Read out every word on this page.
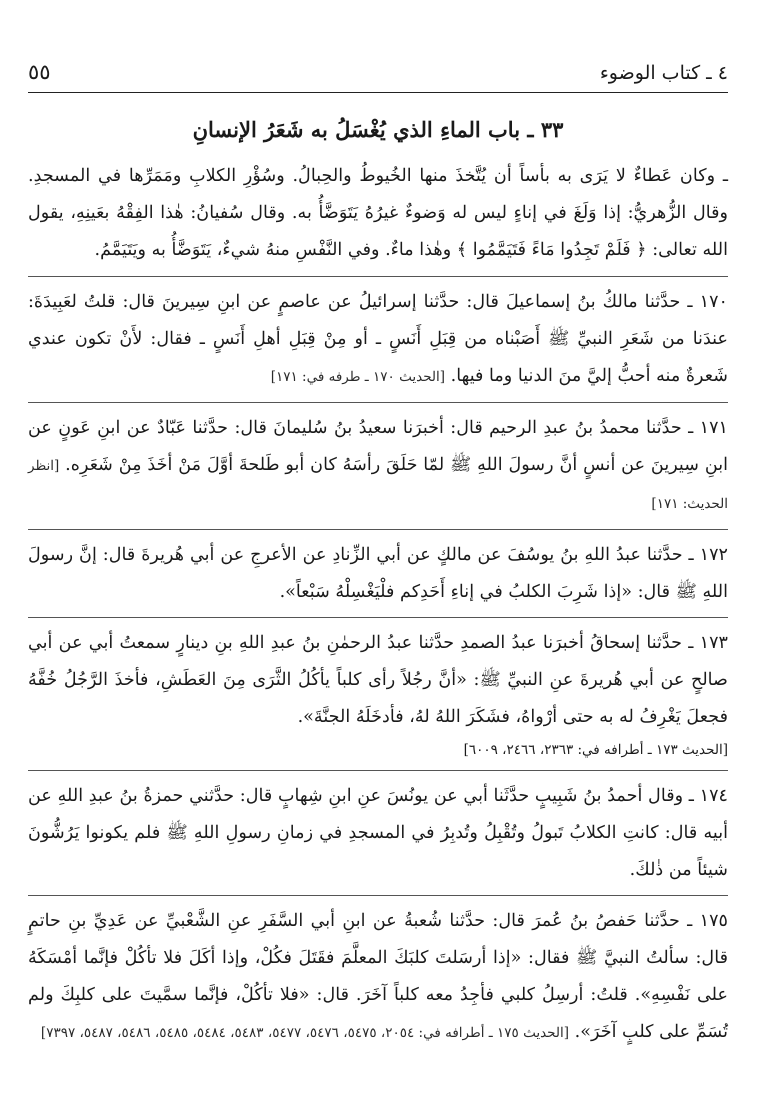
٤ ـ كتاب الوضوء
٥٥
٣٣ ـ باب الماءِ الذي يُغْسَلُ به شَعَرُ الإنسانِ

ـ وكان عَطاءٌ لا يَرَى به بأساً أن يُتَّخذَ منها الخُيوطُ والحِبالُ. وسُؤْرِ الكلابِ ومَمَرِّها في المسجدِ. وقال الزُّهريُّ: إذا وَلَغَ في إناءٍ ليس له وَضوءٌ غيرُهُ يَتَوَضَّأُ به. وقال سُفيانُ: هٰذا الفِقْهُ بعَينِهِ، يقول الله تعالى: ﴿ فَلَمْ تَجِدُوا مَاءً فَتَيَمَّمُوا ﴾ وهٰذا ماءٌ. وفي النَّفْسِ منهُ شيءٌ، يَتَوَضَّأُ به ويَتَيَمَّمُ.

١٧٠ ـ حدَّثنا مالكُ بنُ إسماعيلَ قال: حدَّثنا إسرائيلُ عن عاصمٍ عن ابنِ سِيرينَ قال: قلتُ لعَبِيدَةَ: عندَنا من شَعَرِ النبيِّ ﷺ أَصَبْناه من قِبَلِ أَنَسٍ ـ أو مِنْ قِبَلِ أهلِ أَنَسٍ ـ فقال: لأَنْ تكون عندي شَعرةٌ منه أحبُّ إليَّ منَ الدنيا وما فيها. [الحديث ١٧٠ ـ طرفه في: ١٧١]

١٧١ ـ حدَّثنا محمدُ بنُ عبدِ الرحيم قال: أخبرَنا سعيدُ بنُ سُليمانَ قال: حدَّثنا عَبّادٌ عن ابنِ عَونٍ عن ابنِ سِيرينَ عن أنسٍ أنَّ رسولَ اللهِ ﷺ لمّا حَلَقَ رأسَهُ كان أبو طَلحةَ أوَّلَ مَنْ أخَذَ مِنْ شَعَرِه. [انظر الحديث: ١٧١]

١٧٢ ـ حدَّثنا عبدُ اللهِ بنُ يوسُفَ عن مالكٍ عن أبي الزِّنادِ عن الأعرجِ عن أبي هُريرةَ قال: إنَّ رسولَ اللهِ ﷺ قال: «إذا شَرِبَ الكلبُ في إناءِ أَحَدِكم فلْيَغْسِلْهُ سَبْعاً».

١٧٣ ـ حدَّثنا إسحاقُ أخبرَنا عبدُ الصمدِ حدَّثنا عبدُ الرحمٰنِ بنُ عبدِ اللهِ بنِ دينارٍ سمعتُ أبي عن أبي صالحٍ عن أبي هُريرةَ عنِ النبيِّ ﷺ: «أنَّ رجُلاً رأى كلباً يأكُلُ الثَّرَى مِنَ العَطَشِ، فأخذَ الرَّجُلُ خُفَّهُ فجعلَ يَغْرِفُ له به حتى أرْواهُ، فشَكَرَ اللهُ لهُ، فأدخَلَهُ الجنَّةَ».

[الحديث ١٧٣ ـ أطرافه في: ٢٣٦٣، ٢٤٦٦، ٦٠٠٩]

١٧٤ ـ وقال أحمدُ بنُ شَبِيبٍ حدَّثَنا أبي عن يونُسَ عنِ ابنِ شِهابٍ قال: حدَّثني حمزةُ بنُ عبدِ اللهِ عن أبيه قال: كانتِ الكلابُ تَبولُ وتُقْبِلُ وتُدبِرُ في المسجدِ في زمانِ رسولِ اللهِ ﷺ فلم يكونوا يَرُشُّونَ شيئاً من ذٰلكَ.

١٧٥ ـ حدَّثنا حَفصُ بنُ عُمرَ قال: حدَّثنا شُعبةُ عن ابنِ أبي السَّفَرِ عنِ الشَّعْبيِّ عن عَدِيِّ بنِ حاتمٍ قال: سألتُ النبيَّ ﷺ فقال: «إذا أرسَلتَ كلبَكَ المعلَّمَ فقَتَلَ فكُلْ، وإذا أكَلَ فلا تأكُلْ فإنَّما أمْسَكَهُ على نَفْسِهِ». قلتُ: أرسِلُ كلبي فأجِدُ معه كلباً آخَرَ. قال: «فلا تأكُلْ، فإنَّما سمَّيتَ على كلبِكَ ولم تُسَمِّ على كلبٍ آخَرَ». [الحديث ١٧٥ ـ أطرافه في: ٢٠٥٤، ٥٤٧٥، ٥٤٧٦، ٥٤٧٧، ٥٤٨٣، ٥٤٨٤، ٥٤٨٥، ٥٤٨٦، ٥٤٨٧، ٧٣٩٧]
